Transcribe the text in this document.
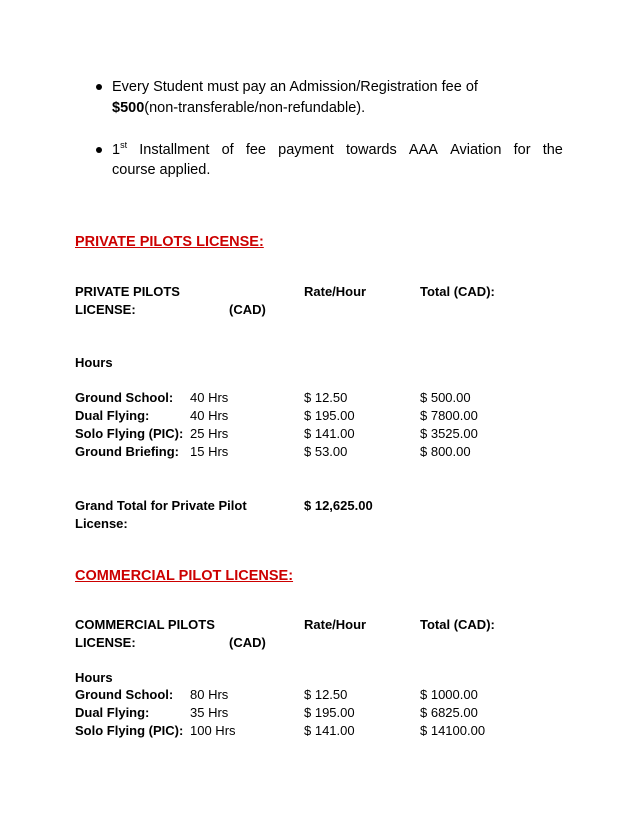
Every Student must pay an Admission/Registration fee of
$500(non-transferable/non-refundable).
1st Installment of fee payment towards AAA Aviation for the
course applied.
PRIVATE PILOTS LICENSE:
PRIVATE PILOTS	Rate/Hour	Total (CAD):
LICENSE:	(CAD)
Hours
Ground School: 40 Hrs	$ 12.50	$ 500.00
Dual Flying:	40 Hrs	$ 195.00	$ 7800.00
Solo Flying (PIC): 25 Hrs	$ 141.00	$ 3525.00
Ground Briefing: 15 Hrs	$ 53.00	$ 800.00
Grand Total for Private Pilot	$ 12,625.00
License:
COMMERCIAL PILOT LICENSE:
COMMERCIAL PILOTS	Rate/Hour	Total (CAD):
LICENSE:	(CAD)
Hours
Ground School: 80 Hrs	$ 12.50	$ 1000.00
Dual Flying:	35 Hrs	$ 195.00	$ 6825.00
Solo Flying (PIC): 100 Hrs	$ 141.00	$ 14100.00
